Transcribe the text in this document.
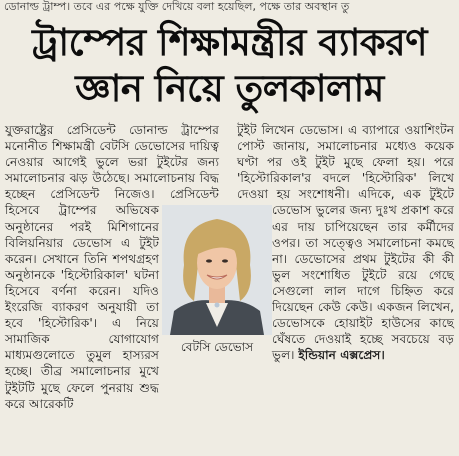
ডোনাল্ড ট্রাম্প। তবে এর পক্ষে যুক্তি দেখিয়ে বলা হয়েছিল, পক্ষে তার অবস্থান তু
ট্রাম্পের শিক্ষামন্ত্রীর ব্যাকরণ
জ্ঞান নিয়ে তুলকালাম

যুক্তরাষ্ট্রের প্রেসিডেন্ট ডোনাল্ড ট্রাম্পের মনোনীত শিক্ষামন্ত্রী বেটসি ডেভোসের দায়িত্ব নেওয়ার আগেই ভুলে ভরা টুইটের জন্য সমালোচনার ঝড় উঠেছে। সমালোচনায় বিদ্ধ হচ্ছেন প্রেসিডেন্ট নিজেও। প্রেসিডেন্ট হিসেবে ট্রাম্পের অভিষেক অনুষ্ঠানের পরই মিশিগানের বিলিয়নিয়ার ডেভোস এ টুইট করেন। সেখানে তিনি শপথগ্রহণ অনুষ্ঠানকে 'হিস্টোরিকাল' ঘটনা হিসেবে বর্ণনা করেন। যদিও ইংরেজি ব্যাকরণ অনুযায়ী তা হবে 'হিস্টোরিক'। এ নিয়ে সামাজিক যোগাযোগ মাধ্যমগুলোতে তুমুল হাস্যরস হচ্ছে। তীব্র সমালোচনার মুখে টুইটটি মুছে ফেলে পুনরায় শুদ্ধ করে আরেকটি

টুইট লিখেন ডেভোস। এ ব্যাপারে ওয়াশিংটন পোস্ট জানায়, সমালোচনার মধ্যেও কয়েক ঘণ্টা পর ওই টুইট মুছে ফেলা হয়। পরে 'হিস্টোরিকাল'র বদলে 'হিস্টোরিক' লিখে দেওয়া হয় সংশোধনী। এদিকে, এক টুইটে ডেভোস ভুলের জন্য দুঃখ প্রকাশ করে এর দায় চাপিয়েছেন তার কর্মীদের ওপর। তা সত্ত্বেও সমালোচনা কমছে না। ডেভোসের প্রথম টুইটের কী কী ভুল সংশোধিত টুইটে রয়ে গেছে সেগুলো লাল দাগে চিহ্নিত করে দিয়েছেন কেউ কেউ। একজন লিখেন, ডেভোসকে হোয়াইট হাউসের কাছে ঘেঁষতে দেওয়াই হচ্ছে সবচেয়ে বড় ভুল। ইন্ডিয়ান এক্সপ্রেস।

বেটসি ডেভোস
